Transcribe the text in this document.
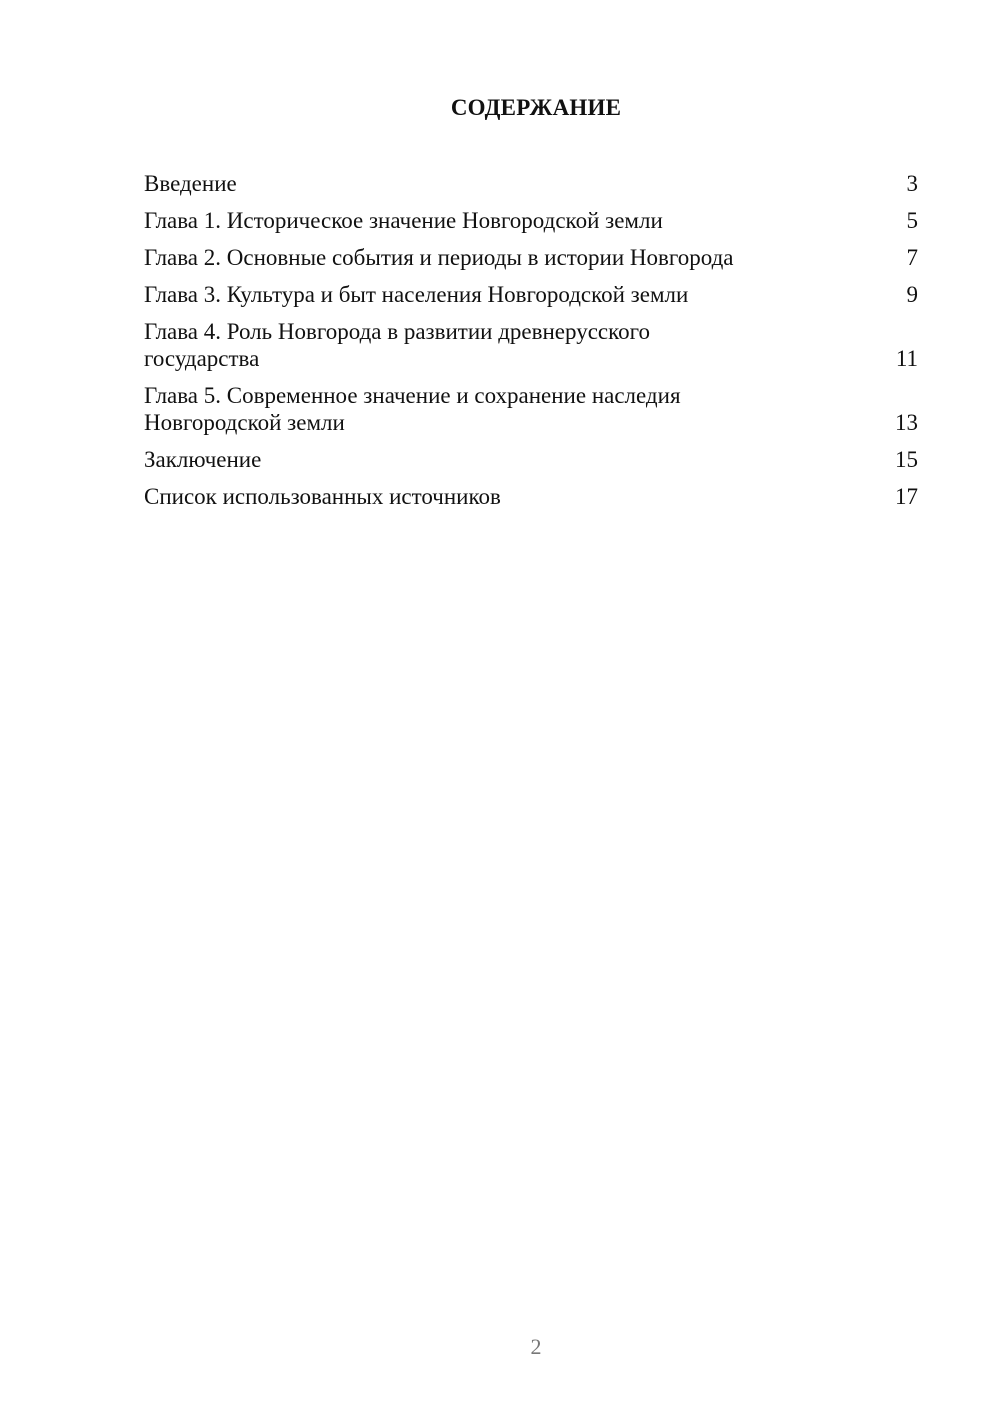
СОДЕРЖАНИЕ
Введение	3
Глава 1. Историческое значение Новгородской земли	5
Глава 2. Основные события и периоды в истории Новгорода	7
Глава 3. Культура и быт населения Новгородской земли	9
Глава 4. Роль Новгорода в развитии древнерусского государства	11
Глава 5. Современное значение и сохранение наследия Новгородской земли	13
Заключение	15
Список использованных источников	17
2
